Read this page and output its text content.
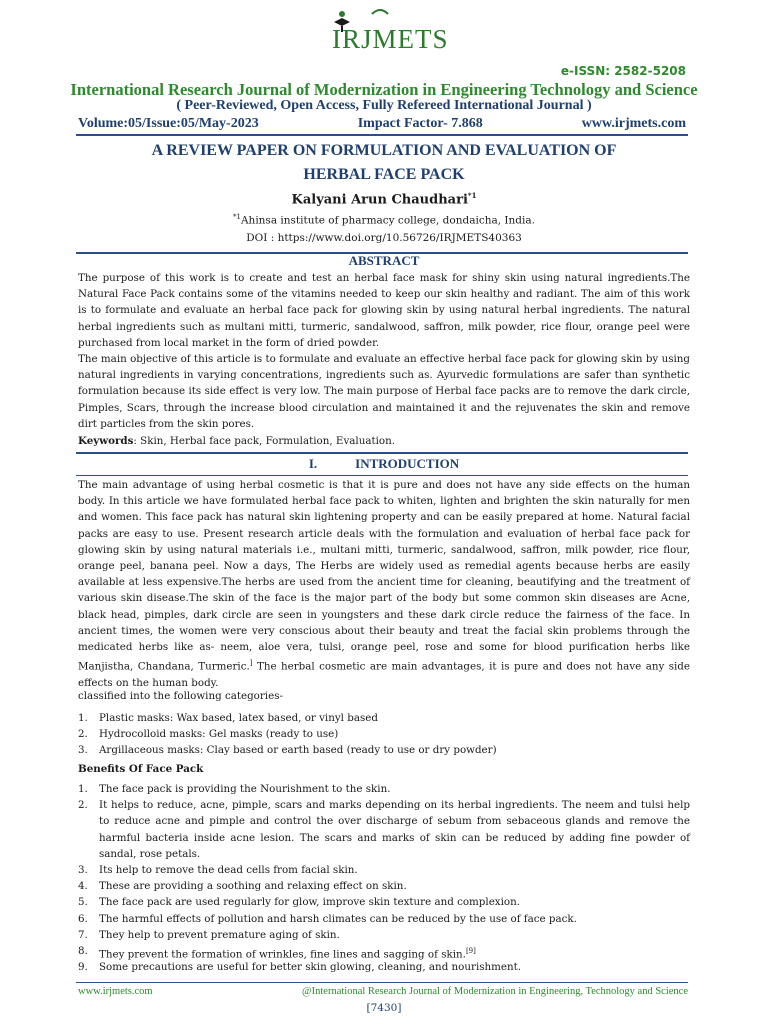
IRJMETS
e-ISSN: 2582-5208
International Research Journal of Modernization in Engineering Technology and Science
( Peer-Reviewed, Open Access, Fully Refereed International Journal )
Volume:05/Issue:05/May-2023	Impact Factor- 7.868	www.irjmets.com
A REVIEW PAPER ON FORMULATION AND EVALUATION OF
HERBAL FACE PACK
Kalyani Arun Chaudhari$^{*1}$
$^{*1}$Ahinsa institute of pharmacy college, dondaicha, India.
DOI : https://www.doi.org/10.56726/IRJMETS40363
ABSTRACT
The purpose of this work is to create and test an herbal face mask for shiny skin using natural ingredients.The Natural Face Pack contains some of the vitamins needed to keep our skin healthy and radiant. The aim of this work is to formulate and evaluate an herbal face pack for glowing skin by using natural herbal ingredients. The natural herbal ingredients such as multani mitti, turmeric, sandalwood, saffron, milk powder, rice flour, orange peel were purchased from local market in the form of dried powder.
The main objective of this article is to formulate and evaluate an effective herbal face pack for glowing skin by using natural ingredients in varying concentrations, ingredients such as. Ayurvedic formulations are safer than synthetic formulation because its side effect is very low. The main purpose of Herbal face packs are to remove the dark circle, Pimples, Scars, through the increase blood circulation and maintained it and the rejuvenates the skin and remove dirt particles from the skin pores.
Keywords: Skin, Herbal face pack, Formulation, Evaluation.
I.	INTRODUCTION
The main advantage of using herbal cosmetic is that it is pure and does not have any side effects on the human body. In this article we have formulated herbal face pack to whiten, lighten and brighten the skin naturally for men and women. This face pack has natural skin lightening property and can be easily prepared at home. Natural facial packs are easy to use. Present research article deals with the formulation and evaluation of herbal face pack for glowing skin by using natural materials i.e., multani mitti, turmeric, sandalwood, saffron, milk powder, rice flour, orange peel, banana peel. Now a days, The Herbs are widely used as remedial agents because herbs are easily available at less expensive.The herbs are used from the ancient time for cleaning, beautifying and the treatment of various skin disease.The skin of the face is the major part of the body but some common skin diseases are Acne, black head, pimples, dark circle are seen in youngsters and these dark circle reduce the fairness of the face. In ancient times, the women were very conscious about their beauty and treat the facial skin problems through the medicated herbs like as- neem, aloe vera, tulsi, orange peel, rose and some for blood purification herbs like Manjistha, Chandana, Turmeric.] The herbal cosmetic are main advantages, it is pure and does not have any side effects on the human body.
classified into the following categories-
1. Plastic masks: Wax based, latex based, or vinyl based
2. Hydrocolloid masks: Gel masks (ready to use)
3. Argillaceous masks: Clay based or earth based (ready to use or dry powder)
Benefits Of Face Pack
1. The face pack is providing the Nourishment to the skin.
2. It helps to reduce, acne, pimple, scars and marks depending on its herbal ingredients. The neem and tulsi help to reduce acne and pimple and control the over discharge of sebum from sebaceous glands and remove the harmful bacteria inside acne lesion. The scars and marks of skin can be reduced by adding fine powder of sandal, rose petals.
3. Its help to remove the dead cells from facial skin.
4. These are providing a soothing and relaxing effect on skin.
5. The face pack are used regularly for glow, improve skin texture and complexion.
6. The harmful effects of pollution and harsh climates can be reduced by the use of face pack.
7. They help to prevent premature aging of skin.
8. They prevent the formation of wrinkles, fine lines and sagging of skin.[9]
9. Some precautions are useful for better skin glowing, cleaning, and nourishment.
www.irjmets.com	@International Research Journal of Modernization in Engineering, Technology and Science
[7430]
